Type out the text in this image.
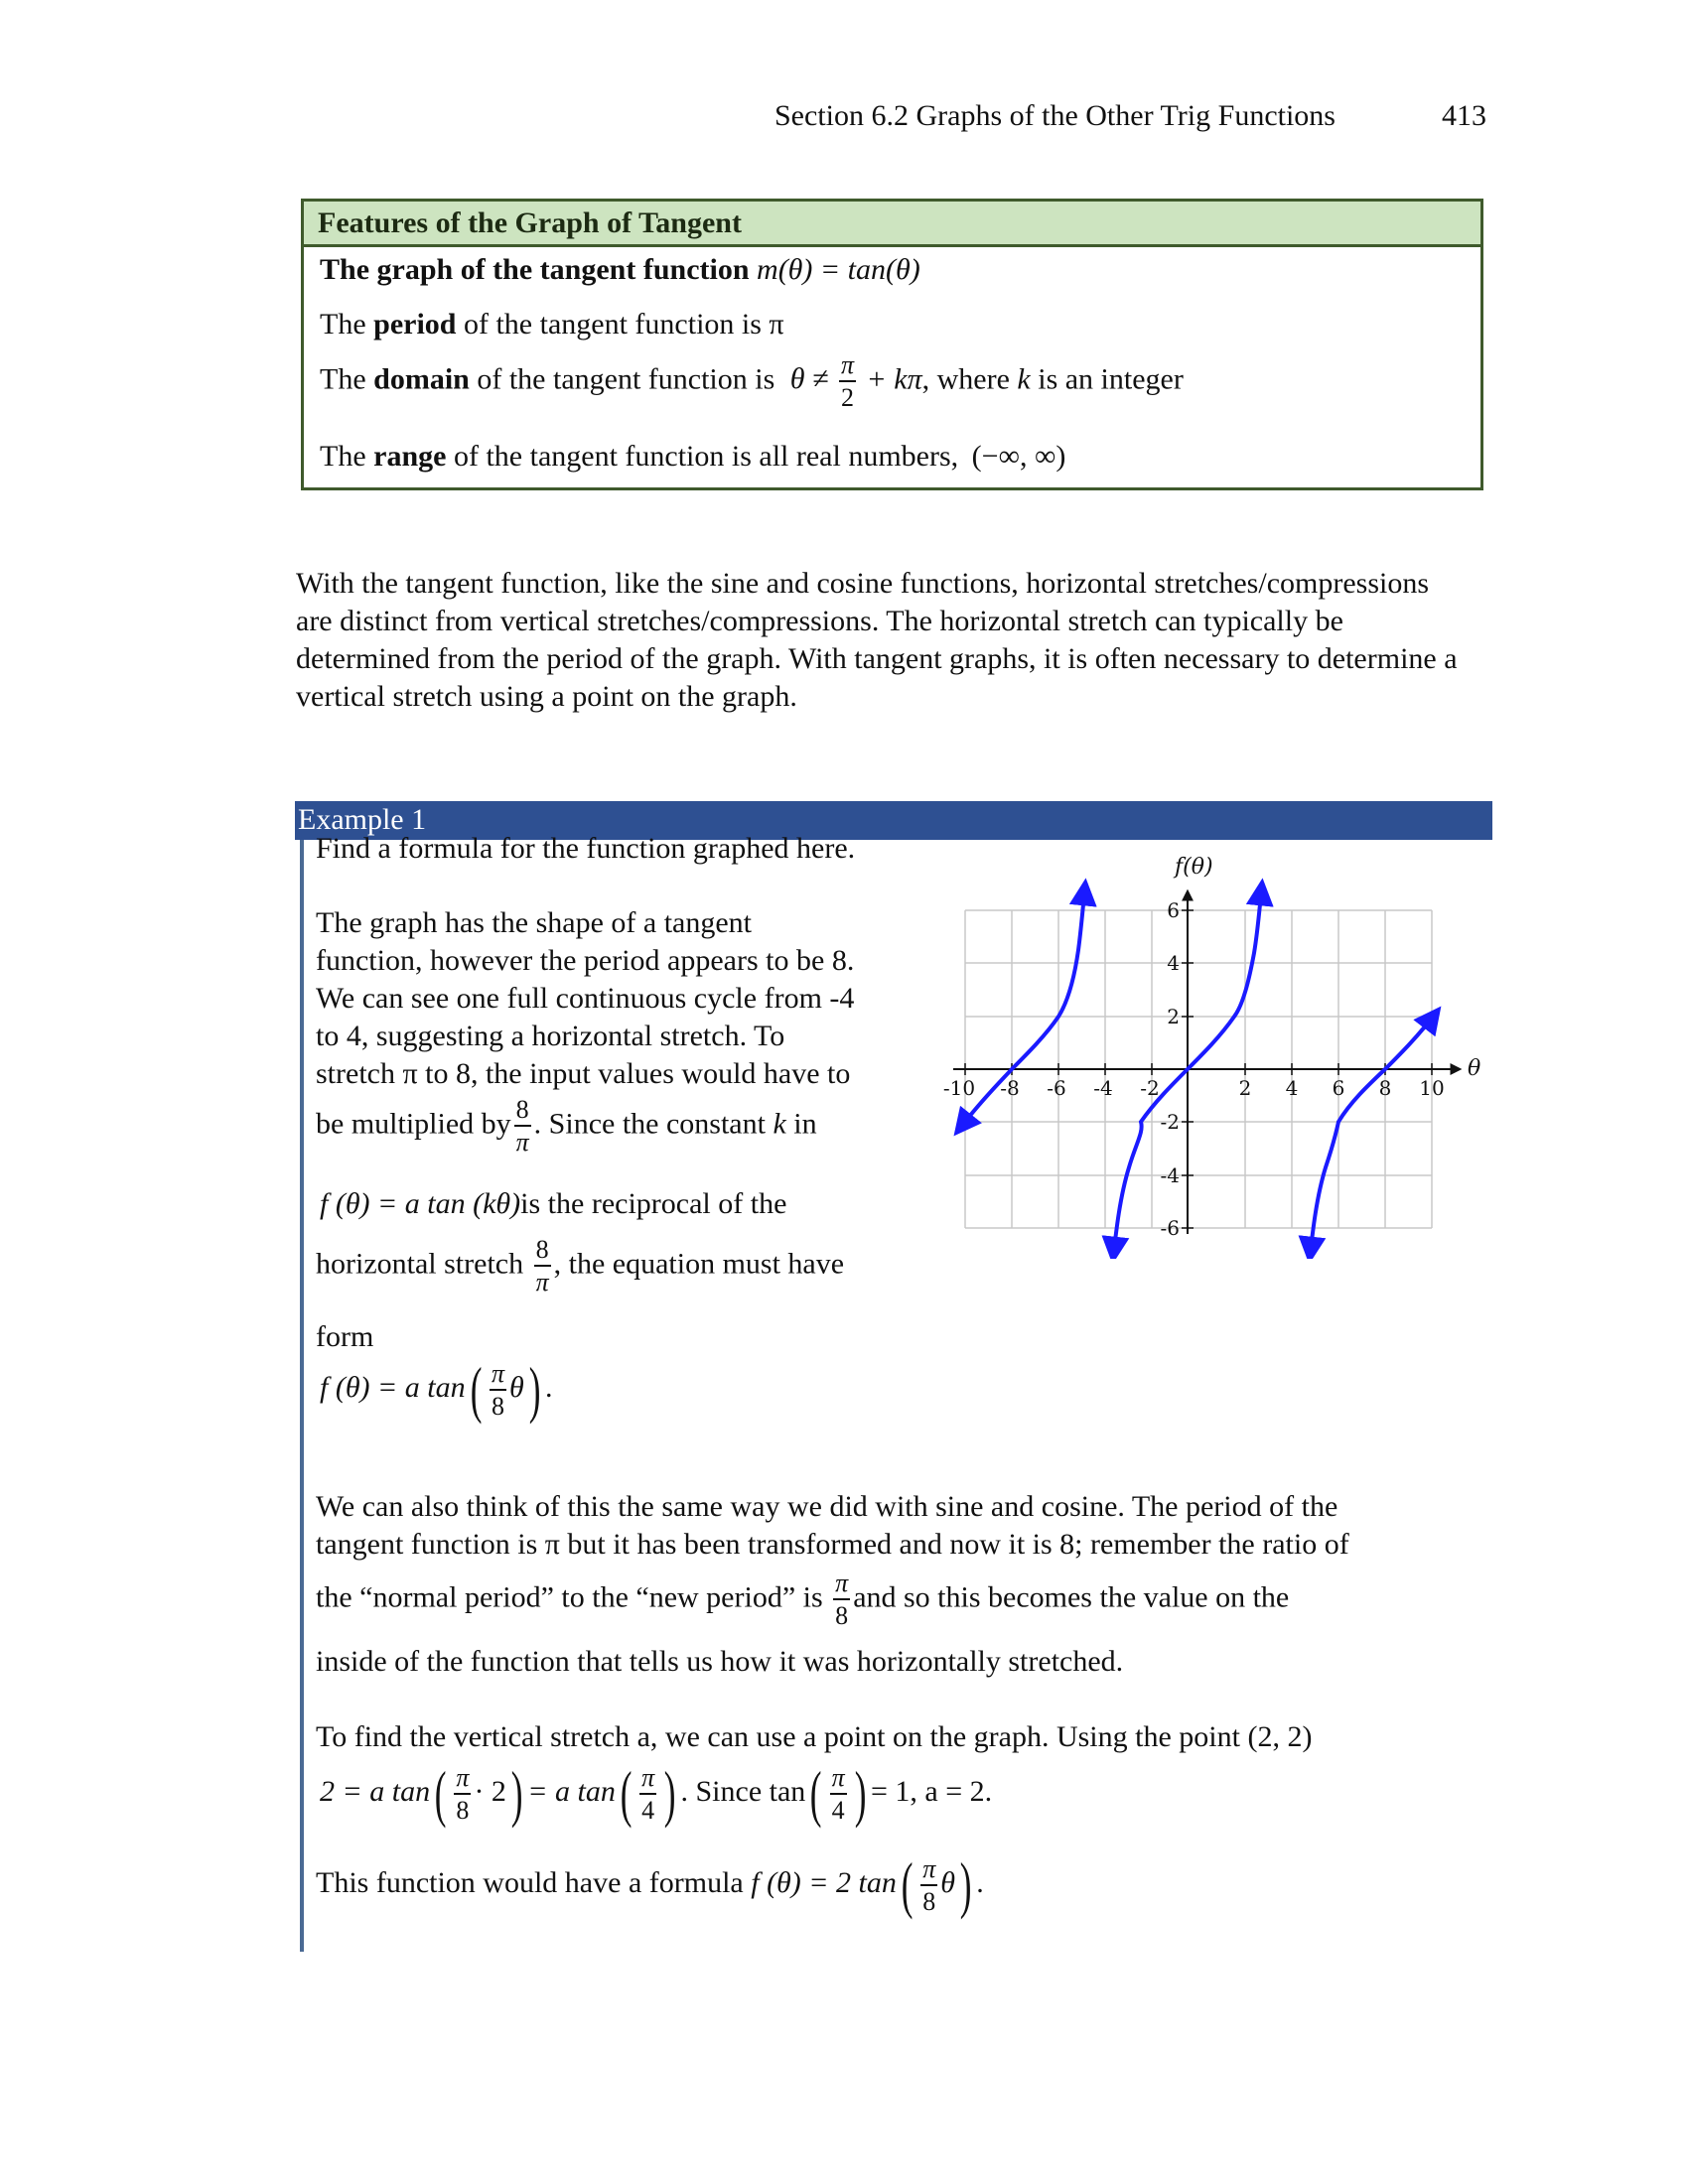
Section 6.2 Graphs of the Other Trig Functions	413
Features of the Graph of Tangent
The graph of the tangent function m(θ) = tan(θ)
The period of the tangent function is π
The domain of the tangent function is $\theta \ne \frac{\pi}{2} + k\pi$, where k is an integer
The range of the tangent function is all real numbers, (−∞, ∞)
With the tangent function, like the sine and cosine functions, horizontal stretches/compressions are distinct from vertical stretches/compressions. The horizontal stretch can typically be determined from the period of the graph. With tangent graphs, it is often necessary to determine a vertical stretch using a point on the graph.
Example 1
Find a formula for the function graphed here.
The graph has the shape of a tangent
function, however the period appears to be 8.
We can see one full continuous cycle from -4
to 4, suggesting a horizontal stretch. To
stretch π to 8, the input values would have to
be multiplied by $\frac{8}{\pi}$ . Since the constant k in
f (θ) = a tan (kθ)is the reciprocal of the
horizontal stretch $\frac{8}{\pi}$ , the equation must have
form
f (θ) = a $\tan( \frac{\pi}{8} \theta)$ .
-10 -8 -6 -4 -2	2 4 6 8 10
6
4
2
-2
-4
-6
f(θ)
θ
We can also think of this the same way we did with sine and cosine. The period of the
tangent function is π but it has been transformed and now it is 8; remember the ratio of
the “normal period” to the “new period” is $\frac{\pi}{8}$ and so this becomes the value on the
inside of the function that tells us how it was horizontally stretched.
To find the vertical stretch a, we can use a point on the graph. Using the point (2, 2)
2 = a $\tan( \frac{\pi}{8} \cdot 2) = a$ $\tan( \frac{\pi}{4}$ ) . Since $\tan( \frac{\pi}{4}$ ) = 1, a = 2.
This function would have a formula f (θ) = 2 $\tan( \frac{\pi}{8} \theta)$ .
